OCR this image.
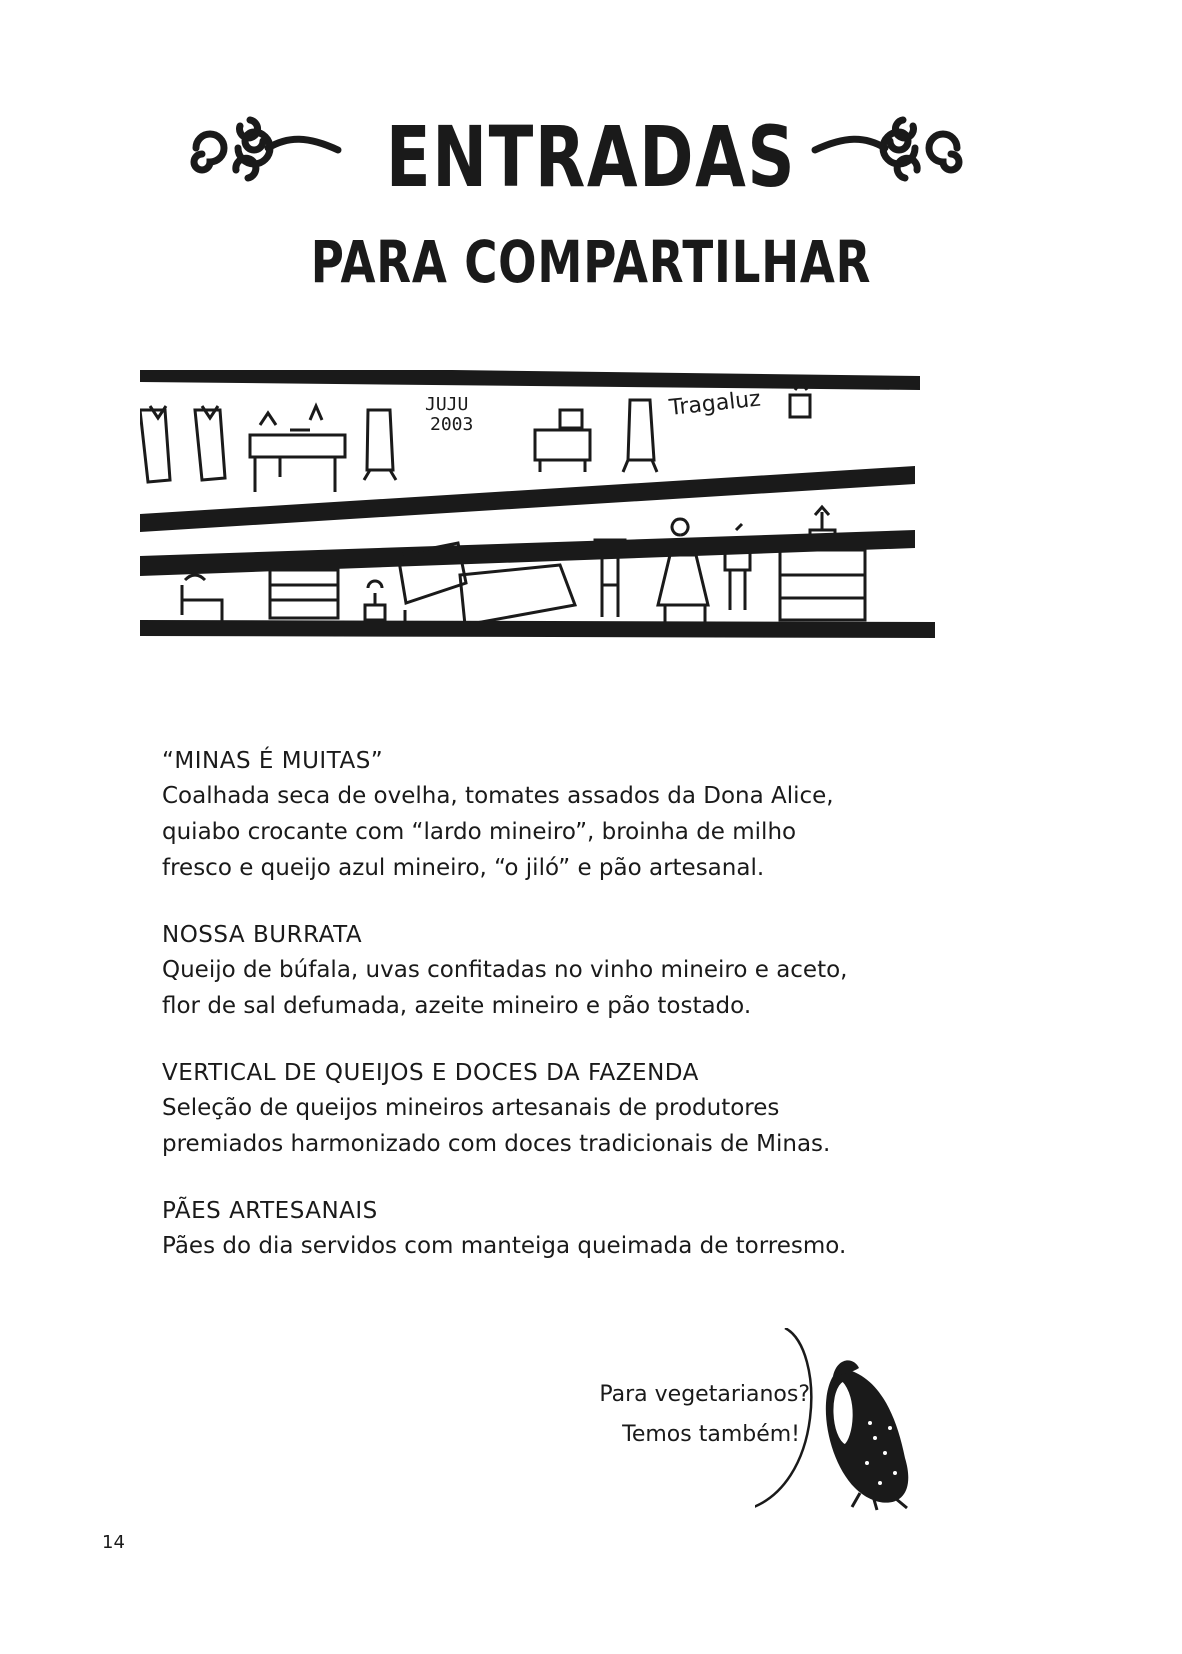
ENTRADAS
PARA COMPARTILHAR
JUJU 2003
Tragaluz
“MINAS É MUITAS”
Coalhada seca de ovelha, tomates assados da Dona Alice,
quiabo crocante com “lardo mineiro”, broinha de milho
fresco e queijo azul mineiro, “o jiló” e pão artesanal.
NOSSA BURRATA
Queijo de búfala, uvas confitadas no vinho mineiro e aceto,
flor de sal defumada, azeite mineiro e pão tostado.
VERTICAL DE QUEIJOS E DOCES DA FAZENDA
Seleção de queijos mineiros artesanais de produtores
premiados harmonizado com doces tradicionais de Minas.
PÃES ARTESANAIS
Pães do dia servidos com manteiga queimada de torresmo.
Para vegetarianos?
Temos também!
14
